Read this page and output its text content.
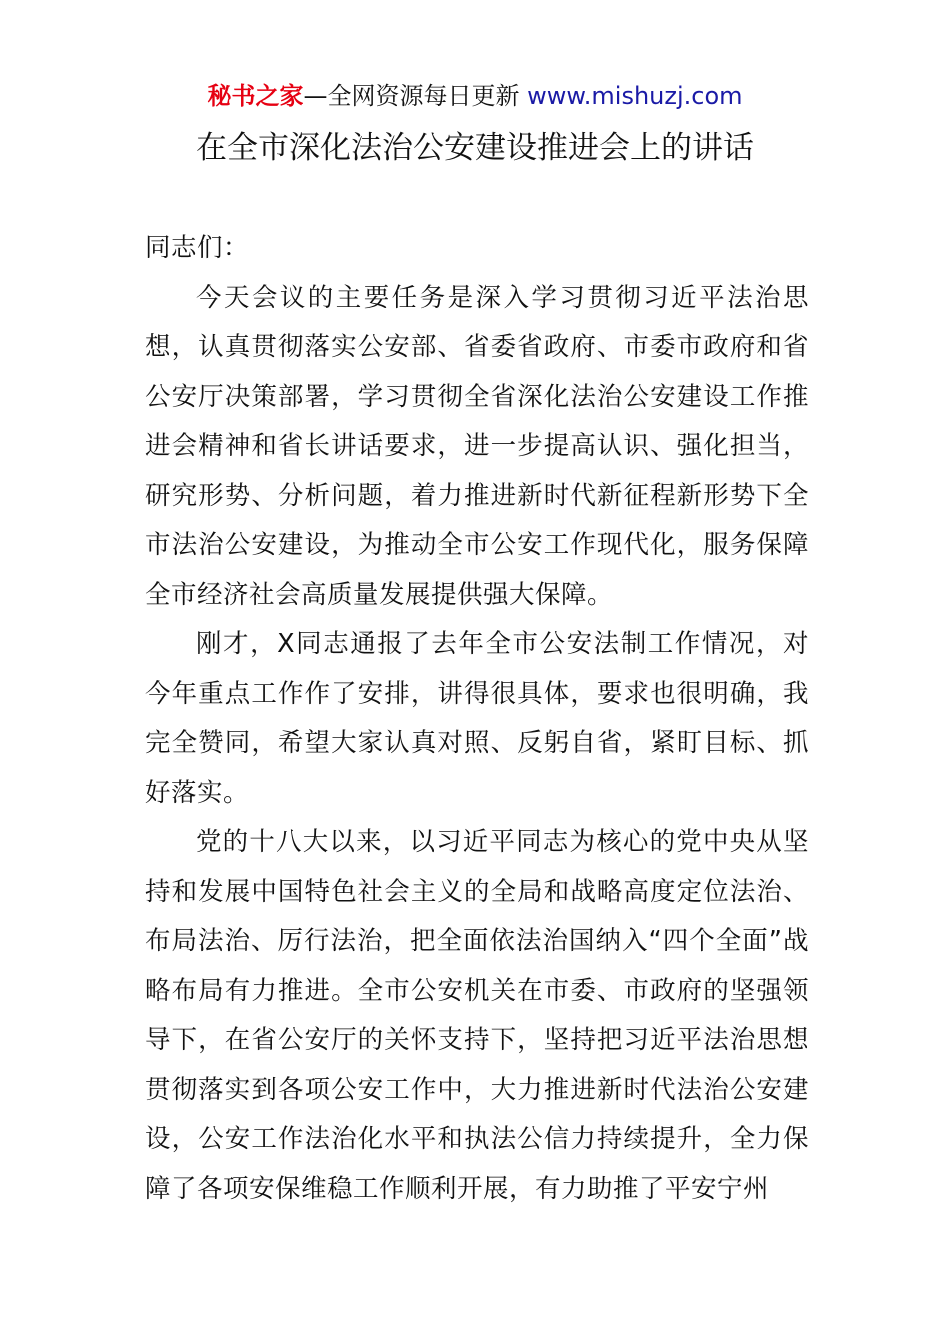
秘书之家—全网资源每日更新 www.mishuzj.com
在全市深化法治公安建设推进会上的讲话

同志们：

今天会议的主要任务是深入学习贯彻习近平法治思想，认真贯彻落实公安部、省委省政府、市委市政府和省公安厅决策部署，学习贯彻全省深化法治公安建设工作推进会精神和省长讲话要求，进一步提高认识、强化担当，研究形势、分析问题，着力推进新时代新征程新形势下全市法治公安建设，为推动全市公安工作现代化，服务保障全市经济社会高质量发展提供强大保障。

刚才，X同志通报了去年全市公安法制工作情况，对今年重点工作作了安排，讲得很具体，要求也很明确，我完全赞同，希望大家认真对照、反躬自省，紧盯目标、抓好落实。

党的十八大以来，以习近平同志为核心的党中央从坚持和发展中国特色社会主义的全局和战略高度定位法治、布局法治、厉行法治，把全面依法治国纳入“四个全面”战略布局有力推进。全市公安机关在市委、市政府的坚强领导下，在省公安厅的关怀支持下，坚持把习近平法治思想贯彻落实到各项公安工作中，大力推进新时代法治公安建设，公安工作法治化水平和执法公信力持续提升，全力保障了各项安保维稳工作顺利开展，有力助推了平安宁州
